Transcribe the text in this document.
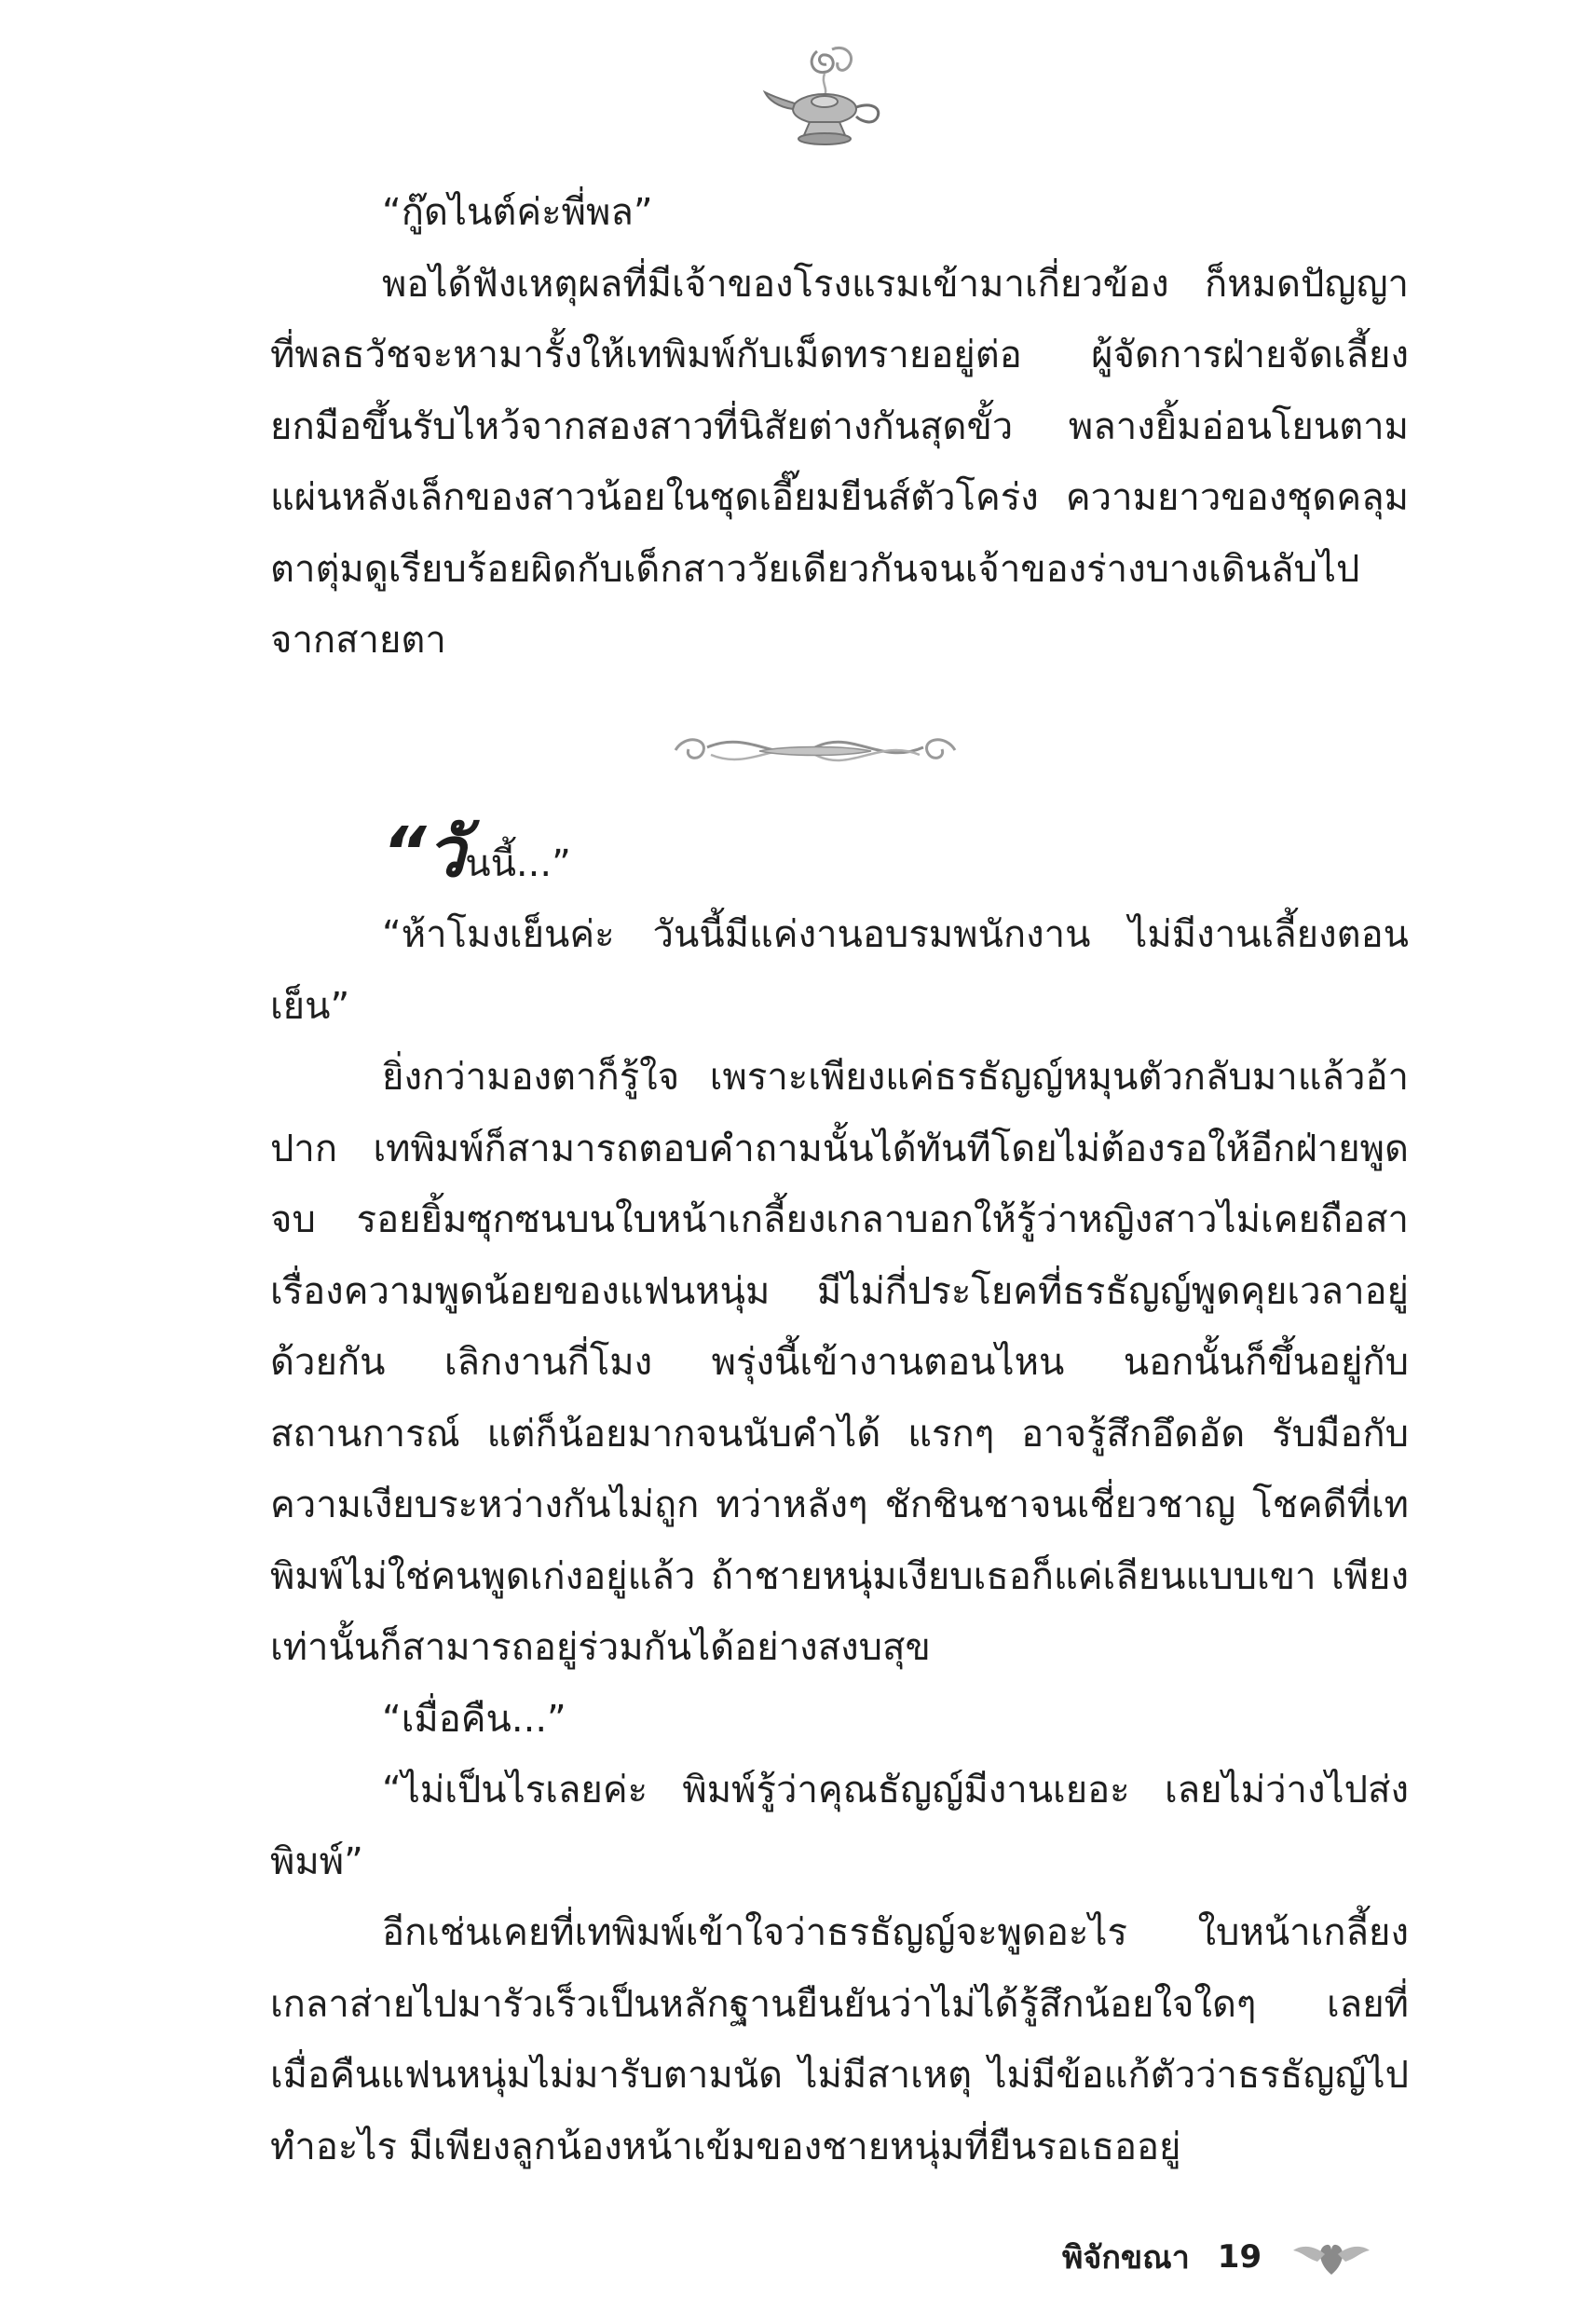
“กู๊ดไนต์ค่ะพี่พล”

พอได้ฟังเหตุผลที่มีเจ้าของโรงแรมเข้ามาเกี่ยวข้อง ก็หมดปัญญาที่พลธวัชจะหามารั้งให้เทพิมพ์กับเม็ดทรายอยู่ต่อ ผู้จัดการฝ่ายจัดเลี้ยงยกมือขึ้นรับไหว้จากสองสาวที่นิสัยต่างกันสุดขั้ว พลางยิ้มอ่อนโยนตามแผ่นหลังเล็กของสาวน้อยในชุดเอี๊ยมยีนส์ตัวโคร่ง ความยาวของชุดคลุมตาตุ่มดูเรียบร้อยผิดกับเด็กสาววัยเดียวกันจนเจ้าของร่างบางเดินลับไปจากสายตา

“วันนี้...”

“ห้าโมงเย็นค่ะ วันนี้มีแค่งานอบรมพนักงาน ไม่มีงานเลี้ยงตอนเย็น”

ยิ่งกว่ามองตาก็รู้ใจ เพราะเพียงแค่ธรธัญญ์หมุนตัวกลับมาแล้วอ้าปาก เทพิมพ์ก็สามารถตอบคำถามนั้นได้ทันทีโดยไม่ต้องรอให้อีกฝ่ายพูดจบ รอยยิ้มซุกซนบนใบหน้าเกลี้ยงเกลาบอกให้รู้ว่าหญิงสาวไม่เคยถือสาเรื่องความพูดน้อยของแฟนหนุ่ม มีไม่กี่ประโยคที่ธรธัญญ์พูดคุยเวลาอยู่ด้วยกัน เลิกงานกี่โมง พรุ่งนี้เข้างานตอนไหน นอกนั้นก็ขึ้นอยู่กับสถานการณ์ แต่ก็น้อยมากจนนับคำได้ แรกๆ อาจรู้สึกอึดอัด รับมือกับความเงียบระหว่างกันไม่ถูก ทว่าหลังๆ ชักชินชาจนเชี่ยวชาญ โชคดีที่เทพิมพ์ไม่ใช่คนพูดเก่งอยู่แล้ว ถ้าชายหนุ่มเงียบเธอก็แค่เลียนแบบเขา เพียงเท่านั้นก็สามารถอยู่ร่วมกันได้อย่างสงบสุข

“เมื่อคืน...”

“ไม่เป็นไรเลยค่ะ พิมพ์รู้ว่าคุณธัญญ์มีงานเยอะ เลยไม่ว่างไปส่งพิมพ์”

อีกเช่นเคยที่เทพิมพ์เข้าใจว่าธรธัญญ์จะพูดอะไร ใบหน้าเกลี้ยงเกลาส่ายไปมารัวเร็วเป็นหลักฐานยืนยันว่าไม่ได้รู้สึกน้อยใจใดๆ เลยที่เมื่อคืนแฟนหนุ่มไม่มารับตามนัด ไม่มีสาเหตุ ไม่มีข้อแก้ตัวว่าธรธัญญ์ไปทำอะไร มีเพียงลูกน้องหน้าเข้มของชายหนุ่มที่ยืนรอเธออยู่

พิจักขณา 19
